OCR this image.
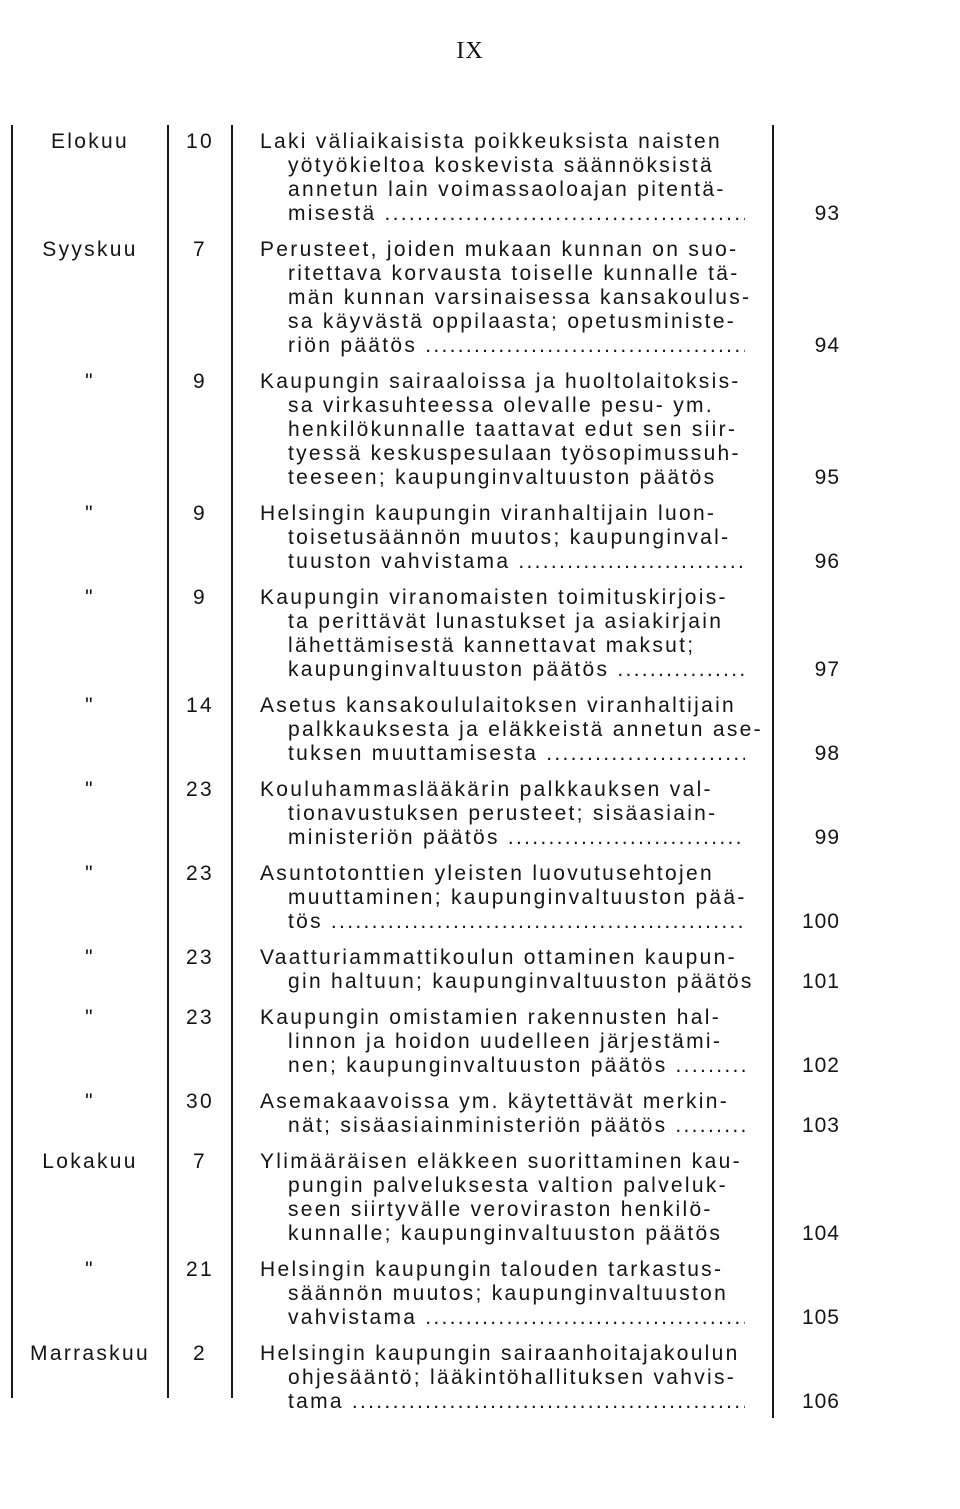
IX
Elokuu	10	Laki väliaikaisista poikkeuksista naisten
yötyökieltoa koskevista säännöksistä
annetun lain voimassaoloajan pitentä-
misestä .....	93
Syyskuu	7	Perusteet, joiden mukaan kunnan on suo-
ritettava korvausta toiselle kunnalle tä-
män kunnan varsinaisessa kansakoulus-
sa käyvästä oppilaasta; opetusministe-
riön päätös .....	94
"	9	Kaupungin sairaaloissa ja huoltolaitoksis-
sa virkasuhteessa olevalle pesu- ym.
henkilökunnalle taattavat edut sen siir-
tyessä keskuspesulaan työsopimussuh-
teeseen; kaupunginvaltuuston päätös	95
"	9	Helsingin kaupungin viranhaltijain luon-
toisetusäännön muutos; kaupunginval-
tuuston vahvistama .....	96
"	9	Kaupungin viranomaisten toimituskirjois-
ta perittävät lunastukset ja asiakirjain
lähettämisestä kannettavat maksut;
kaupunginvaltuuston päätös .....	97
"	14	Asetus kansakoululaitoksen viranhaltijain
palkkauksesta ja eläkkeistä annetun ase-
tuksen muuttamisesta .....	98
"	23	Kouluhammaslääkärin palkkauksen val-
tionavustuksen perusteet; sisäasiain-
ministeriön päätös .....	99
"	23	Asuntotonttien yleisten luovutusehtojen
muuttaminen; kaupunginvaltuuston pää-
tös .....	100
"	23	Vaatturiammattikoulun ottaminen kaupun-
gin haltuun; kaupunginvaltuuston päätös 101
"	23	Kaupungin omistamien rakennusten hal-
linnon ja hoidon uudelleen järjestämi-
nen; kaupunginvaltuuston päätös .....	102
"	30	Asemakaavoissa ym. käytettävät merkin-
nät; sisäasiainministeriön päätös .....	103
Lokakuu	7	Ylimääräisen eläkkeen suorittaminen kau-
pungin palveluksesta valtion palveluk-
seen siirtyvälle veroviraston henkilö-
kunnalle; kaupunginvaltuuston päätös	104
"	21	Helsingin kaupungin talouden tarkastus-
säännön muutos; kaupunginvaltuuston
vahvistama .....	105
Marraskuu	2	Helsingin kaupungin sairaanhoitajakoulun
ohjesääntö; lääkintöhallituksen vahvis-
tama .....	106
